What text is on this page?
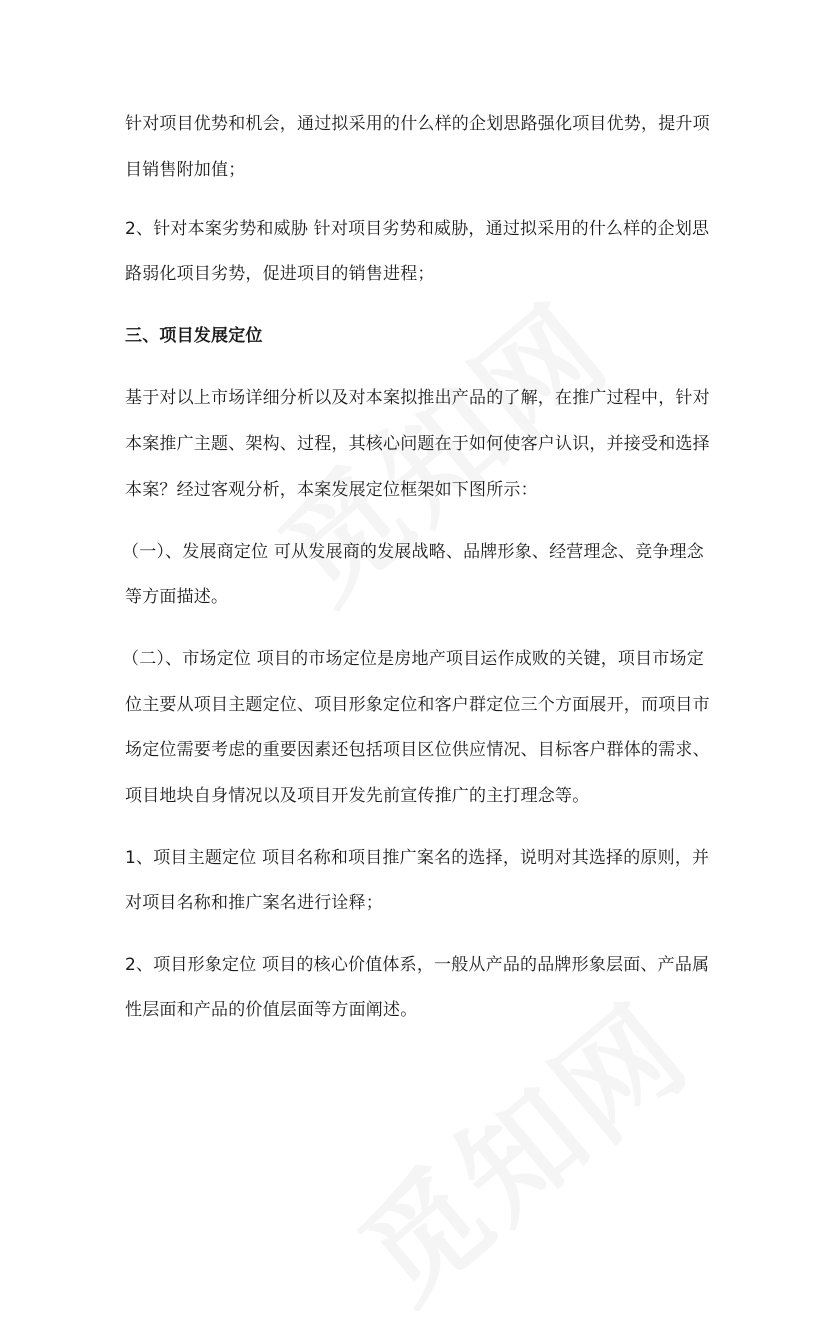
针对项目优势和机会，通过拟采用的什么样的企划思路强化项目优势，提升项
目销售附加值；
2、针对本案劣势和威胁 针对项目劣势和威胁，通过拟采用的什么样的企划思
路弱化项目劣势，促进项目的销售进程；
三、项目发展定位
基于对以上市场详细分析以及对本案拟推出产品的了解，在推广过程中，针对
本案推广主题、架构、过程，其核心问题在于如何使客户认识，并接受和选择
本案？经过客观分析，本案发展定位框架如下图所示：
（一）、发展商定位 可从发展商的发展战略、品牌形象、经营理念、竞争理念
等方面描述。
（二）、市场定位 项目的市场定位是房地产项目运作成败的关键，项目市场定
位主要从项目主题定位、项目形象定位和客户群定位三个方面展开，而项目市
场定位需要考虑的重要因素还包括项目区位供应情况、目标客户群体的需求、
项目地块自身情况以及项目开发先前宣传推广的主打理念等。
1、项目主题定位 项目名称和项目推广案名的选择，说明对其选择的原则，并
对项目名称和推广案名进行诠释；
2、项目形象定位 项目的核心价值体系，一般从产品的品牌形象层面、产品属
性层面和产品的价值层面等方面阐述。
